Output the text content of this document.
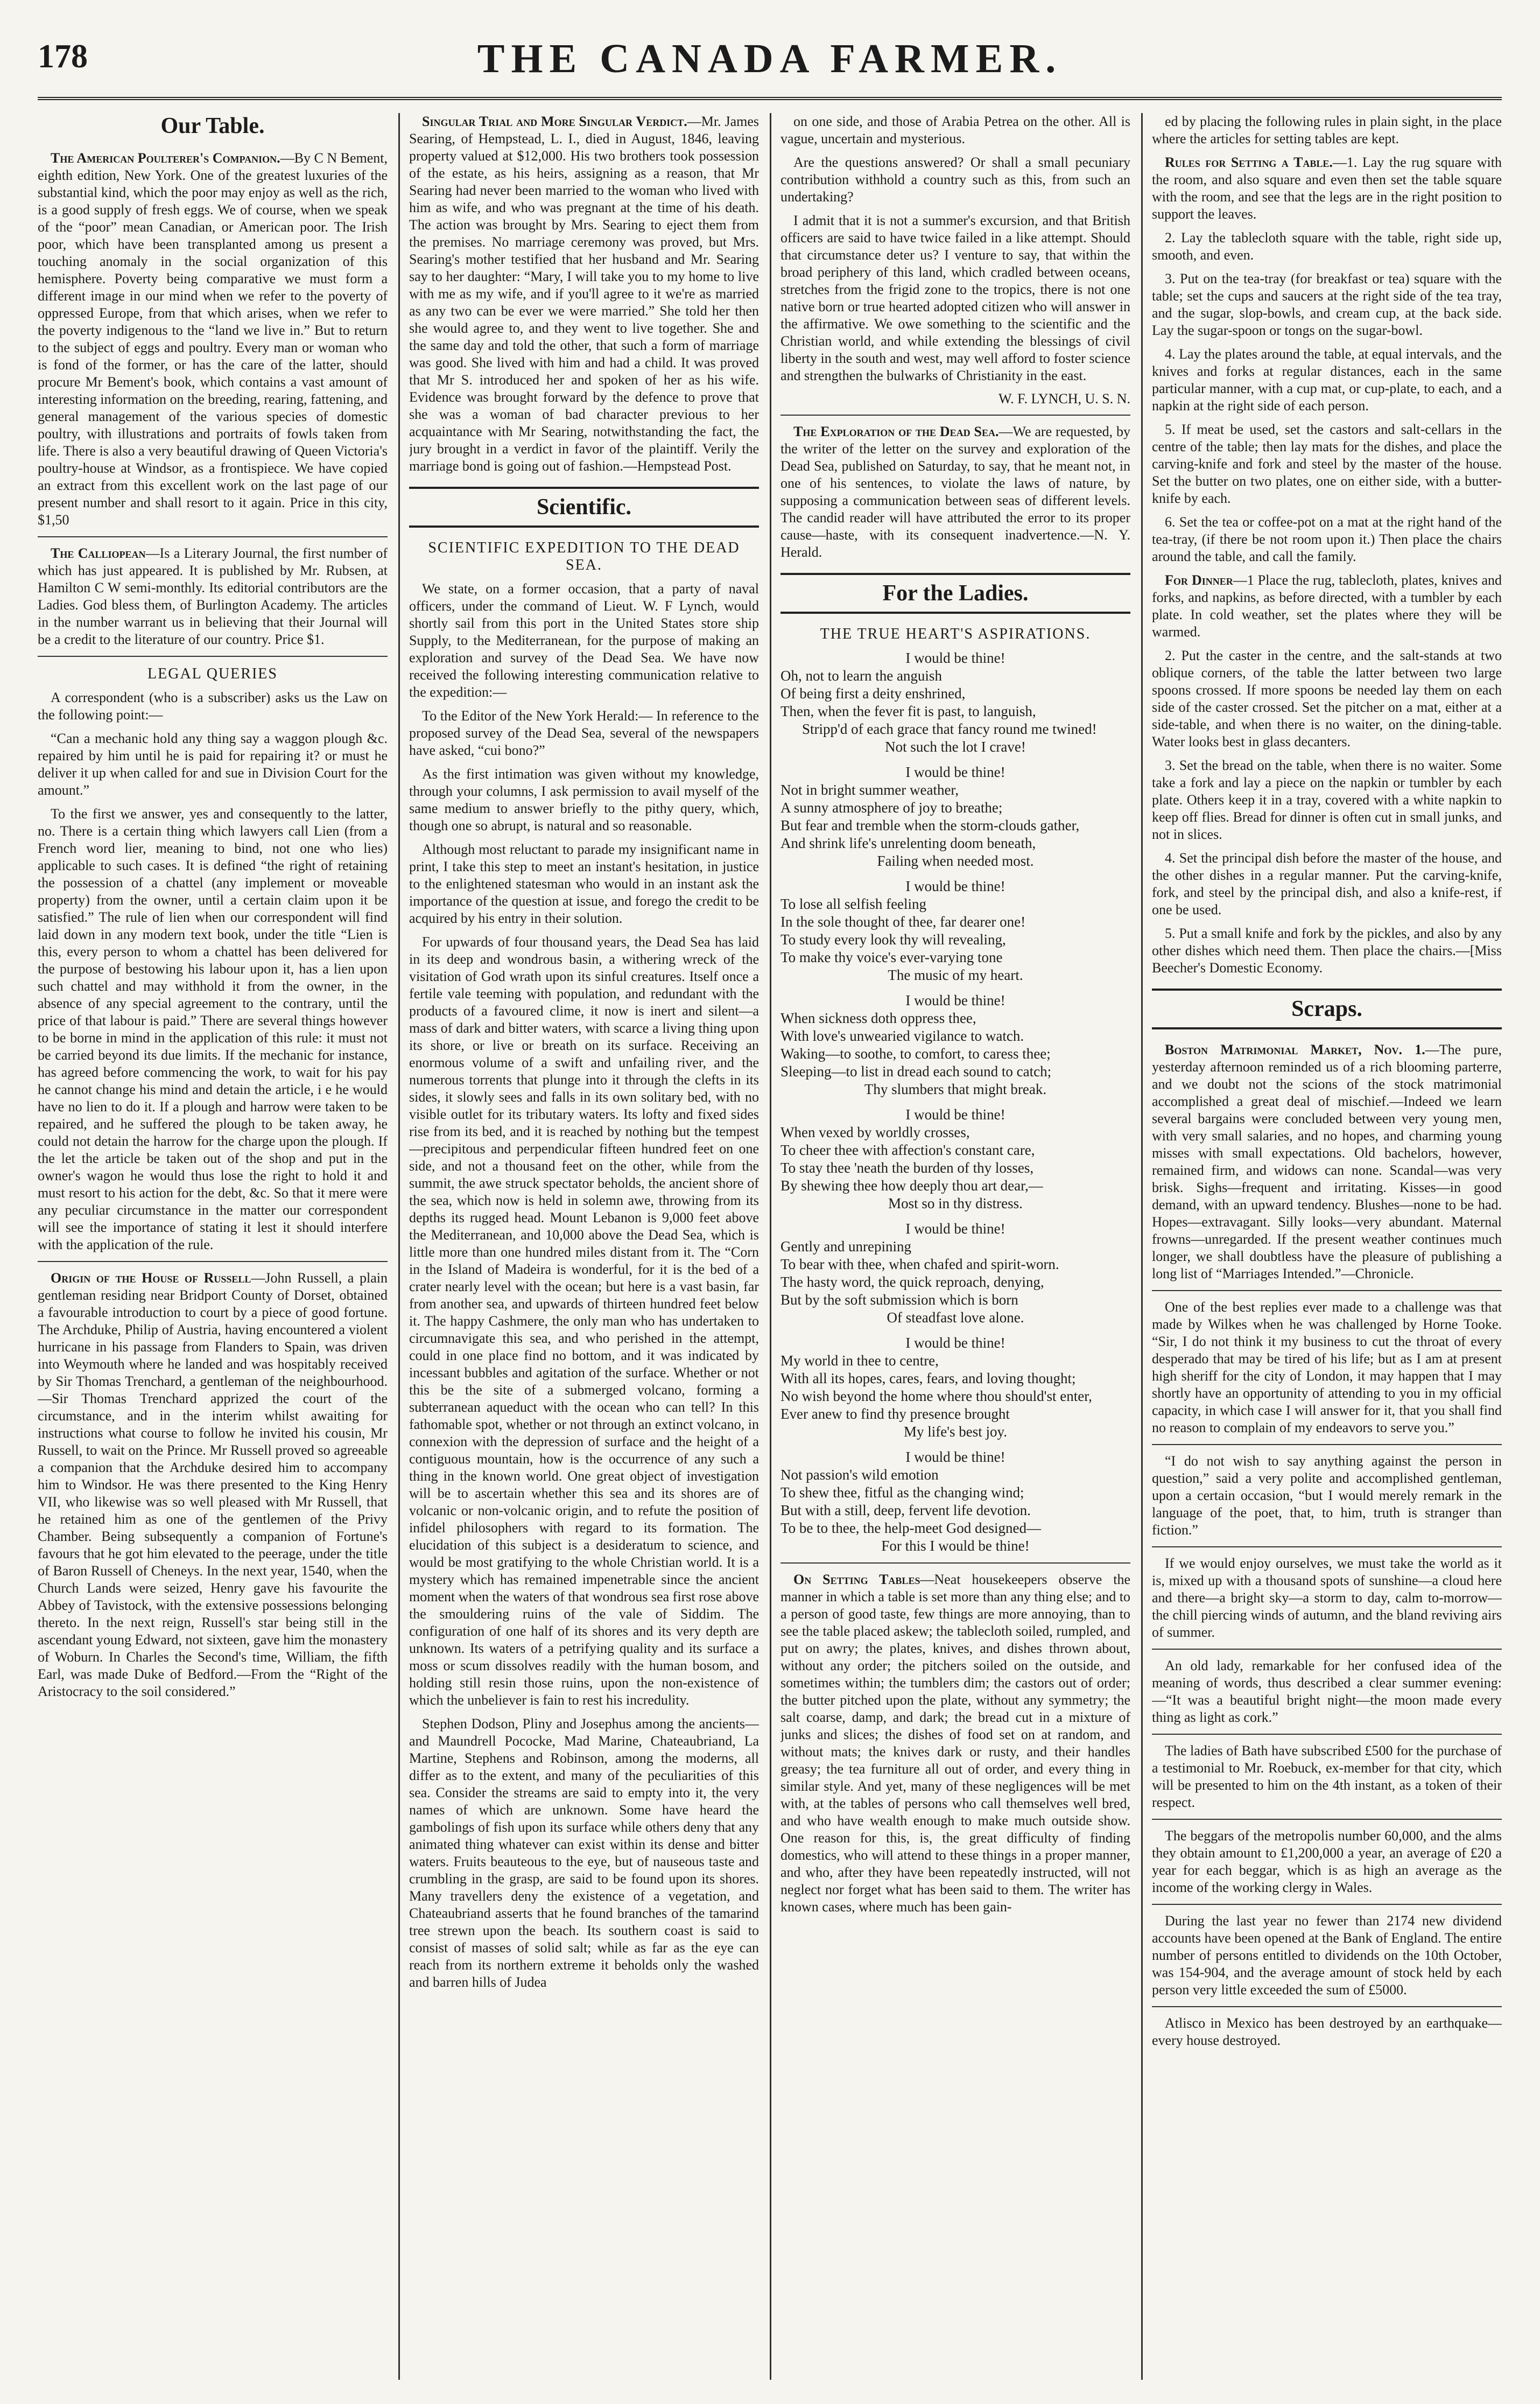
178	THE CANADA FARMER.
Our Table.

The American Poulterer's Companion.—By C N Bement, eighth edition, New York. One of the greatest luxuries of the substantial kind, which the poor may enjoy as well as the rich, is a good supply of fresh eggs. We of course, when we speak of the “poor” mean Canadian, or American poor. The Irish poor, which have been transplanted among us present a touching anomaly in the social organization of this hemisphere. Poverty being comparative we must form a different image in our mind when we refer to the poverty of oppressed Europe, from that which arises, when we refer to the poverty indigenous to the “land we live in.” But to return to the subject of eggs and poultry. Every man or woman who is fond of the former, or has the care of the latter, should procure Mr Bement's book, which contains a vast amount of interesting information on the breeding, rearing, fattening, and general management of the various species of domestic poultry, with illustrations and portraits of fowls taken from life. There is also a very beautiful drawing of Queen Victoria's poultry-house at Windsor, as a frontispiece. We have copied an extract from this excellent work on the last page of our present number and shall resort to it again. Price in this city, $1,50

The Calliopean—Is a Literary Journal, the first number of which has just appeared. It is published by Mr. Rubsen, at Hamilton C W semi-monthly. Its editorial contributors are the Ladies. God bless them, of Burlington Academy. The articles in the number warrant us in believing that their Journal will be a credit to the literature of our country. Price $1.

LEGAL QUERIES

A correspondent (who is a subscriber) asks us the Law on the following point:—

“Can a mechanic hold any thing say a waggon plough &c. repaired by him until he is paid for repairing it? or must he deliver it up when called for and sue in Division Court for the amount.”

To the first we answer, yes and consequently to the latter, no. There is a certain thing which lawyers call Lien (from a French word lier, meaning to bind, not one who lies) applicable to such cases. It is defined “the right of retaining the possession of a chattel (any implement or moveable property) from the owner, until a certain claim upon it be satisfied.” The rule of lien when our correspondent will find laid down in any modern text book, under the title “Lien is this, every person to whom a chattel has been delivered for the purpose of bestowing his labour upon it, has a lien upon such chattel and may withhold it from the owner, in the absence of any special agreement to the contrary, until the price of that labour is paid.” There are several things however to be borne in mind in the application of this rule: it must not be carried beyond its due limits. If the mechanic for instance, has agreed before commencing the work, to wait for his pay he cannot change his mind and detain the article, i e he would have no lien to do it. If a plough and harrow were taken to be repaired, and he suffered the plough to be taken away, he could not detain the harrow for the charge upon the plough. If the let the article be taken out of the shop and put in the owner's wagon he would thus lose the right to hold it and must resort to his action for the debt, &c. So that it mere were any peculiar circumstance in the matter our correspondent will see the importance of stating it lest it should interfere with the application of the rule.

Origin of the House of Russell—John Russell, a plain gentleman residing near Bridport County of Dorset, obtained a favourable introduction to court by a piece of good fortune. The Archduke, Philip of Austria, having encountered a violent hurricane in his passage from Flanders to Spain, was driven into Weymouth where he landed and was hospitably received by Sir Thomas Trenchard, a gentleman of the neighbourhood.—Sir Thomas Trenchard apprized the court of the circumstance, and in the interim whilst awaiting for instructions what course to follow he invited his cousin, Mr Russell, to wait on the Prince. Mr Russell proved so agreeable a companion that the Archduke desired him to accompany him to Windsor. He was there presented to the King Henry VII, who likewise was so well pleased with Mr Russell, that he retained him as one of the gentlemen of the Privy Chamber. Being subsequently a companion of Fortune's favours that he got him elevated to the peerage, under the title of Baron Russell of Cheneys. In the next year, 1540, when the Church Lands were seized, Henry gave his favourite the Abbey of Tavistock, with the extensive possessions belonging thereto. In the next reign, Russell's star being still in the ascendant young Edward, not sixteen, gave him the monastery of Woburn. In Charles the Second's time, William, the fifth Earl, was made Duke of Bedford.—From the “Right of the Aristocracy to the soil considered.”

Singular Trial and More Singular Verdict.—Mr. James Searing, of Hempstead, L. I., died in August, 1846, leaving property valued at $12,000. His two brothers took possession of the estate, as his heirs, assigning as a reason, that Mr Searing had never been married to the woman who lived with him as wife, and who was pregnant at the time of his death. The action was brought by Mrs. Searing to eject them from the premises. No marriage ceremony was proved, but Mrs. Searing's mother testified that her husband and Mr. Searing say to her daughter: “Mary, I will take you to my home to live with me as my wife, and if you'll agree to it we're as married as any two can be ever we were married.” She told her then she would agree to, and they went to live together. She and the same day and told the other, that such a form of marriage was good. She lived with him and had a child. It was proved that Mr S. introduced her and spoken of her as his wife. Evidence was brought forward by the defence to prove that she was a woman of bad character previous to her acquaintance with Mr Searing, notwithstanding the fact, the jury brought in a verdict in favor of the plaintiff. Verily the marriage bond is going out of fashion.—Hempstead Post.

Scientific.
SCIENTIFIC EXPEDITION TO THE DEAD SEA.

We state, on a former occasion, that a party of naval officers, under the command of Lieut. W. F Lynch, would shortly sail from this port in the United States store ship Supply, to the Mediterranean, for the purpose of making an exploration and survey of the Dead Sea. We have now received the following interesting communication relative to the expedition:—

To the Editor of the New York Herald:— In reference to the proposed survey of the Dead Sea, several of the newspapers have asked, “cui bono?”

As the first intimation was given without my knowledge, through your columns, I ask permission to avail myself of the same medium to answer briefly to the pithy query, which, though one so abrupt, is natural and so reasonable.

Although most reluctant to parade my insignificant name in print, I take this step to meet an instant's hesitation, in justice to the enlightened statesman who would in an instant ask the importance of the question at issue, and forego the credit to be acquired by his entry in their solution.

For upwards of four thousand years, the Dead Sea has laid in its deep and wondrous basin, a withering wreck of the visitation of God wrath upon its sinful creatures. Itself once a fertile vale teeming with population, and redundant with the products of a favoured clime, it now is inert and silent—a mass of dark and bitter waters, with scarce a living thing upon its shore, or live or breath on its surface. Receiving an enormous volume of a swift and unfailing river, and the numerous torrents that plunge into it through the clefts in its sides, it slowly sees and falls in its own solitary bed, with no visible outlet for its tributary waters. Its lofty and fixed sides rise from its bed, and it is reached by nothing but the tempest—precipitous and perpendicular fifteen hundred feet on one side, and not a thousand feet on the other, while from the summit, the awe struck spectator beholds, the ancient shore of the sea, which now is held in solemn awe, throwing from its depths its rugged head. Mount Lebanon is 9,000 feet above the Mediterranean, and 10,000 above the Dead Sea, which is little more than one hundred miles distant from it. The “Corn in the Island of Madeira is wonderful, for it is the bed of a crater nearly level with the ocean; but here is a vast basin, far from another sea, and upwards of thirteen hundred feet below it. The happy Cashmere, the only man who has undertaken to circumnavigate this sea, and who perished in the attempt, could in one place find no bottom, and it was indicated by incessant bubbles and agitation of the surface. Whether or not this be the site of a submerged volcano, forming a subterranean aqueduct with the ocean who can tell? In this fathomable spot, whether or not through an extinct volcano, in connexion with the depression of surface and the height of a contiguous mountain, how is the occurrence of any such a thing in the known world. One great object of investigation will be to ascertain whether this sea and its shores are of volcanic or non-volcanic origin, and to refute the position of infidel philosophers with regard to its formation. The elucidation of this subject is a desideratum to science, and would be most gratifying to the whole Christian world. It is a mystery which has remained impenetrable since the ancient moment when the waters of that wondrous sea first rose above the smouldering ruins of the vale of Siddim. The configuration of one half of its shores and its very depth are unknown. Its waters of a petrifying quality and its surface a moss or scum dissolves readily with the human bosom, and holding still resin those ruins, upon the non-existence of which the unbeliever is fain to rest his incredulity.

Stephen Dodson, Pliny and Josephus among the ancients—and Maundrell Pococke, Mad Marine, Chateaubriand, La Martine, Stephens and Robinson, among the moderns, all differ as to the extent, and many of the peculiarities of this sea. Consider the streams are said to empty into it, the very names of which are unknown. Some have heard the gambolings of fish upon its surface while others deny that any animated thing whatever can exist within its dense and bitter waters. Fruits beauteous to the eye, but of nauseous taste and crumbling in the grasp, are said to be found upon its shores. Many travellers deny the existence of a vegetation, and Chateaubriand asserts that he found branches of the tamarind tree strewn upon the beach. Its southern coast is said to consist of masses of solid salt; while as far as the eye can reach from its northern extreme it beholds only the washed and barren hills of Judea

on one side, and those of Arabia Petrea on the other. All is vague, uncertain and mysterious.

Are the questions answered? Or shall a small pecuniary contribution withhold a country such as this, from such an undertaking?

I admit that it is not a summer's excursion, and that British officers are said to have twice failed in a like attempt. Should that circumstance deter us? I venture to say, that within the broad periphery of this land, which cradled between oceans, stretches from the frigid zone to the tropics, there is not one native born or true hearted adopted citizen who will answer in the affirmative. We owe something to the scientific and the Christian world, and while extending the blessings of civil liberty in the south and west, may well afford to foster science and strengthen the bulwarks of Christianity in the east.

W. F. LYNCH, U. S. N.

The Exploration of the Dead Sea.—We are requested, by the writer of the letter on the survey and exploration of the Dead Sea, published on Saturday, to say, that he meant not, in one of his sentences, to violate the laws of nature, by supposing a communication between seas of different levels. The candid reader will have attributed the error to its proper cause—haste, with its consequent inadvertence.—N. Y. Herald.

For the Ladies.
THE TRUE HEART'S ASPIRATIONS.
I would be thine!
Oh, not to learn the anguish
Of being first a deity enshrined,
Then, when the fever fit is past, to languish,
Stripp'd of each grace that fancy round me twined!
Not such the lot I crave!
I would be thine!
Not in bright summer weather,
A sunny atmosphere of joy to breathe;
But fear and tremble when the storm-clouds gather,
And shrink life's unrelenting doom beneath,
Failing when needed most.
I would be thine!
To lose all selfish feeling
In the sole thought of thee, far dearer one!
To study every look thy will revealing,
To make thy voice's ever-varying tone
The music of my heart.
I would be thine!
When sickness doth oppress thee,
With love's unwearied vigilance to watch.
Waking—to soothe, to comfort, to caress thee;
Sleeping—to list in dread each sound to catch;
Thy slumbers that might break.
I would be thine!
When vexed by worldly crosses,
To cheer thee with affection's constant care,
To stay thee 'neath the burden of thy losses,
By shewing thee how deeply thou art dear,—
Most so in thy distress.
I would be thine!
Gently and unrepining
To bear with thee, when chafed and spirit-worn.
The hasty word, the quick reproach, denying,
But by the soft submission which is born
Of steadfast love alone.
I would be thine!
My world in thee to centre,
With all its hopes, cares, fears, and loving thought;
No wish beyond the home where thou should'st enter,
Ever anew to find thy presence brought
My life's best joy.
I would be thine!
Not passion's wild emotion
To shew thee, fitful as the changing wind;
But with a still, deep, fervent life devotion.
To be to thee, the help-meet God designed—
For this I would be thine!

On Setting Tables—Neat housekeepers observe the manner in which a table is set more than any thing else; and to a person of good taste, few things are more annoying, than to see the table placed askew; the tablecloth soiled, rumpled, and put on awry; the plates, knives, and dishes thrown about, without any order; the pitchers soiled on the outside, and sometimes within; the tumblers dim; the castors out of order; the butter pitched upon the plate, without any symmetry; the salt coarse, damp, and dark; the bread cut in a mixture of junks and slices; the dishes of food set on at random, and without mats; the knives dark or rusty, and their handles greasy; the tea furniture all out of order, and every thing in similar style. And yet, many of these negligences will be met with, at the tables of persons who call themselves well bred, and who have wealth enough to make much outside show. One reason for this, is, the great difficulty of finding domestics, who will attend to these things in a proper manner, and who, after they have been repeatedly instructed, will not neglect nor forget what has been said to them. The writer has known cases, where much has been gain-

ed by placing the following rules in plain sight, in the place where the articles for setting tables are kept.

Rules for Setting a Table.—1. Lay the rug square with the room, and also square and even then set the table square with the room, and see that the legs are in the right position to support the leaves.

2. Lay the tablecloth square with the table, right side up, smooth, and even.

3. Put on the tea-tray (for breakfast or tea) square with the table; set the cups and saucers at the right side of the tea tray, and the sugar, slop-bowls, and cream cup, at the back side. Lay the sugar-spoon or tongs on the sugar-bowl.

4. Lay the plates around the table, at equal intervals, and the knives and forks at regular distances, each in the same particular manner, with a cup mat, or cup-plate, to each, and a napkin at the right side of each person.

5. If meat be used, set the castors and salt-cellars in the centre of the table; then lay mats for the dishes, and place the carving-knife and fork and steel by the master of the house. Set the butter on two plates, one on either side, with a butter-knife by each.

6. Set the tea or coffee-pot on a mat at the right hand of the tea-tray, (if there be not room upon it.) Then place the chairs around the table, and call the family.

For Dinner—1 Place the rug, tablecloth, plates, knives and forks, and napkins, as before directed, with a tumbler by each plate. In cold weather, set the plates where they will be warmed.

2. Put the caster in the centre, and the salt-stands at two oblique corners, of the table the latter between two large spoons crossed. If more spoons be needed lay them on each side of the caster crossed. Set the pitcher on a mat, either at a side-table, and when there is no waiter, on the dining-table. Water looks best in glass decanters.

3. Set the bread on the table, when there is no waiter. Some take a fork and lay a piece on the napkin or tumbler by each plate. Others keep it in a tray, covered with a white napkin to keep off flies. Bread for dinner is often cut in small junks, and not in slices.

4. Set the principal dish before the master of the house, and the other dishes in a regular manner. Put the carving-knife, fork, and steel by the principal dish, and also a knife-rest, if one be used.

5. Put a small knife and fork by the pickles, and also by any other dishes which need them. Then place the chairs.—[Miss Beecher's Domestic Economy.

Scraps.

Boston Matrimonial Market, Nov. 1.—The pure, yesterday afternoon reminded us of a rich blooming parterre, and we doubt not the scions of the stock matrimonial accomplished a great deal of mischief.—Indeed we learn several bargains were concluded between very young men, with very small salaries, and no hopes, and charming young misses with small expectations. Old bachelors, however, remained firm, and widows can none. Scandal—was very brisk. Sighs—frequent and irritating. Kisses—in good demand, with an upward tendency. Blushes—none to be had. Hopes—extravagant. Silly looks—very abundant. Maternal frowns—unregarded. If the present weather continues much longer, we shall doubtless have the pleasure of publishing a long list of “Marriages Intended.”—Chronicle.

One of the best replies ever made to a challenge was that made by Wilkes when he was challenged by Horne Tooke. “Sir, I do not think it my business to cut the throat of every desperado that may be tired of his life; but as I am at present high sheriff for the city of London, it may happen that I may shortly have an opportunity of attending to you in my official capacity, in which case I will answer for it, that you shall find no reason to complain of my endeavors to serve you.”

“I do not wish to say anything against the person in question,” said a very polite and accomplished gentleman, upon a certain occasion, “but I would merely remark in the language of the poet, that, to him, truth is stranger than fiction.”

If we would enjoy ourselves, we must take the world as it is, mixed up with a thousand spots of sunshine—a cloud here and there—a bright sky—a storm to day, calm to-morrow—the chill piercing winds of autumn, and the bland reviving airs of summer.

An old lady, remarkable for her confused idea of the meaning of words, thus described a clear summer evening:—“It was a beautiful bright night—the moon made every thing as light as cork.”

The ladies of Bath have subscribed £500 for the purchase of a testimonial to Mr. Roebuck, ex-member for that city, which will be presented to him on the 4th instant, as a token of their respect.

The beggars of the metropolis number 60,000, and the alms they obtain amount to £1,200,000 a year, an average of £20 a year for each beggar, which is as high an average as the income of the working clergy in Wales.

During the last year no fewer than 2174 new dividend accounts have been opened at the Bank of England. The entire number of persons entitled to dividends on the 10th October, was 154-904, and the average amount of stock held by each person very little exceeded the sum of £5000.

Atlisco in Mexico has been destroyed by an earthquake—every house destroyed.
